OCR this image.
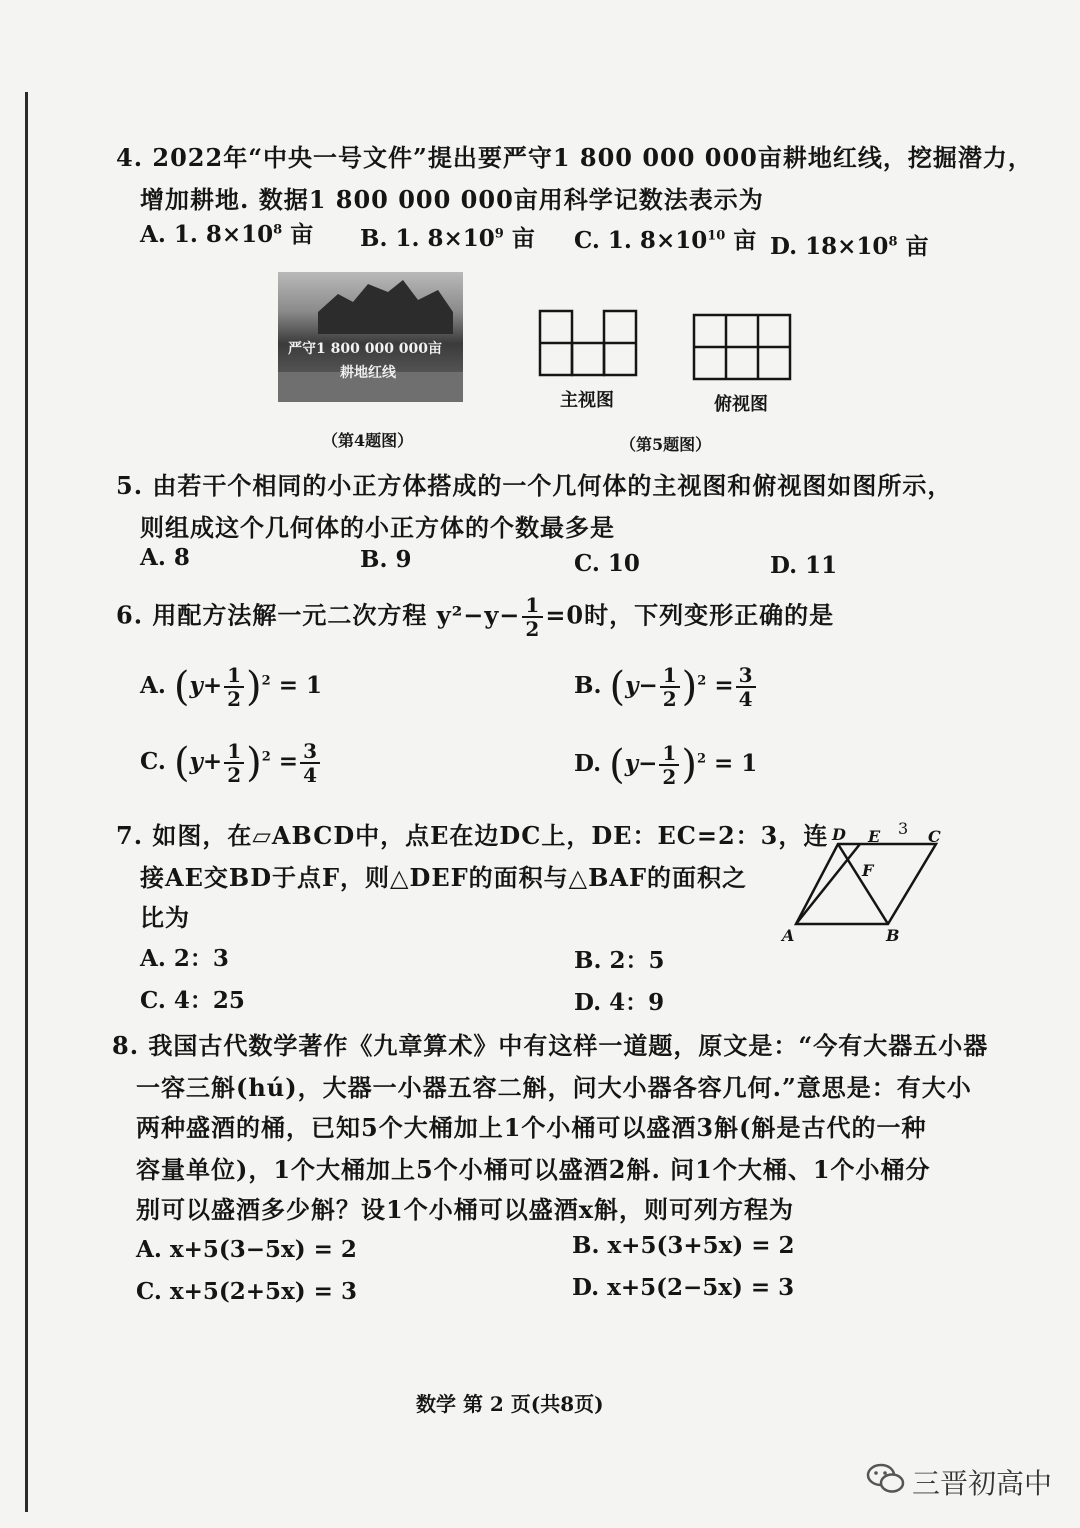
4. 2022年“中央一号文件”提出要严守1 800 000 000亩耕地红线，挖掘潜力，
增加耕地. 数据1 800 000 000亩用科学记数法表示为
A. 1. $8\times 10^8$ 亩 B. 1. $8\times 10^9$ 亩 C. 1. $8\times 10^{10}$ 亩 D. $18\times 10^8$ 亩
严守1 800 000 000亩
耕地红线
（第4题图）
主视图	俯视图
（第5题图）
5. 由若干个相同的小正方体搭成的一个几何体的主视图和俯视图如图所示，
则组成这个几何体的小正方体的个数最多是
A. 8	B. 9	C. 10	D. 11
6. 用配方法解一元二次方程 $y^2-y- \frac{1}{2} =0$时，下列变形正确的是
A. $(y+ \frac{1}{2} )^2 = 1$	B. $(y- \frac{1}{2} )^2 = \frac{3}{4}$
C. $(y+ \frac{1}{2} )^2 = \frac{3}{4}$	D. $(y- \frac{1}{2} )^2 = 1$
7. 如图，在▱ABCD中，点E在边DC上，DE：EC=2：3，连
接AE交BD于点F，则△DEF的面积与△BAF的面积之
比为
A. 2：3	B. 2：5
C. 4：25	D. 4：9
D E	C
F
A	B
3
8. 我国古代数学著作《九章算术》中有这样一道题，原文是：“今有大器五小器
一容三斛(hú)，大器一小器五容二斛，问大小器各容几何.”意思是：有大小
两种盛酒的桶，已知5个大桶加上1个小桶可以盛酒3斛(斛是古代的一种
容量单位)，1个大桶加上5个小桶可以盛酒2斛. 问1个大桶、1个小桶分
别可以盛酒多少斛？设1个小桶可以盛酒x斛，则可列方程为
A. x+5(3−5x) = 2	B. x+5(3+5x) = 2
C. x+5(2+5x) = 3	D. x+5(2−5x) = 3
数学 第 2 页(共8页)
三晋初高中
